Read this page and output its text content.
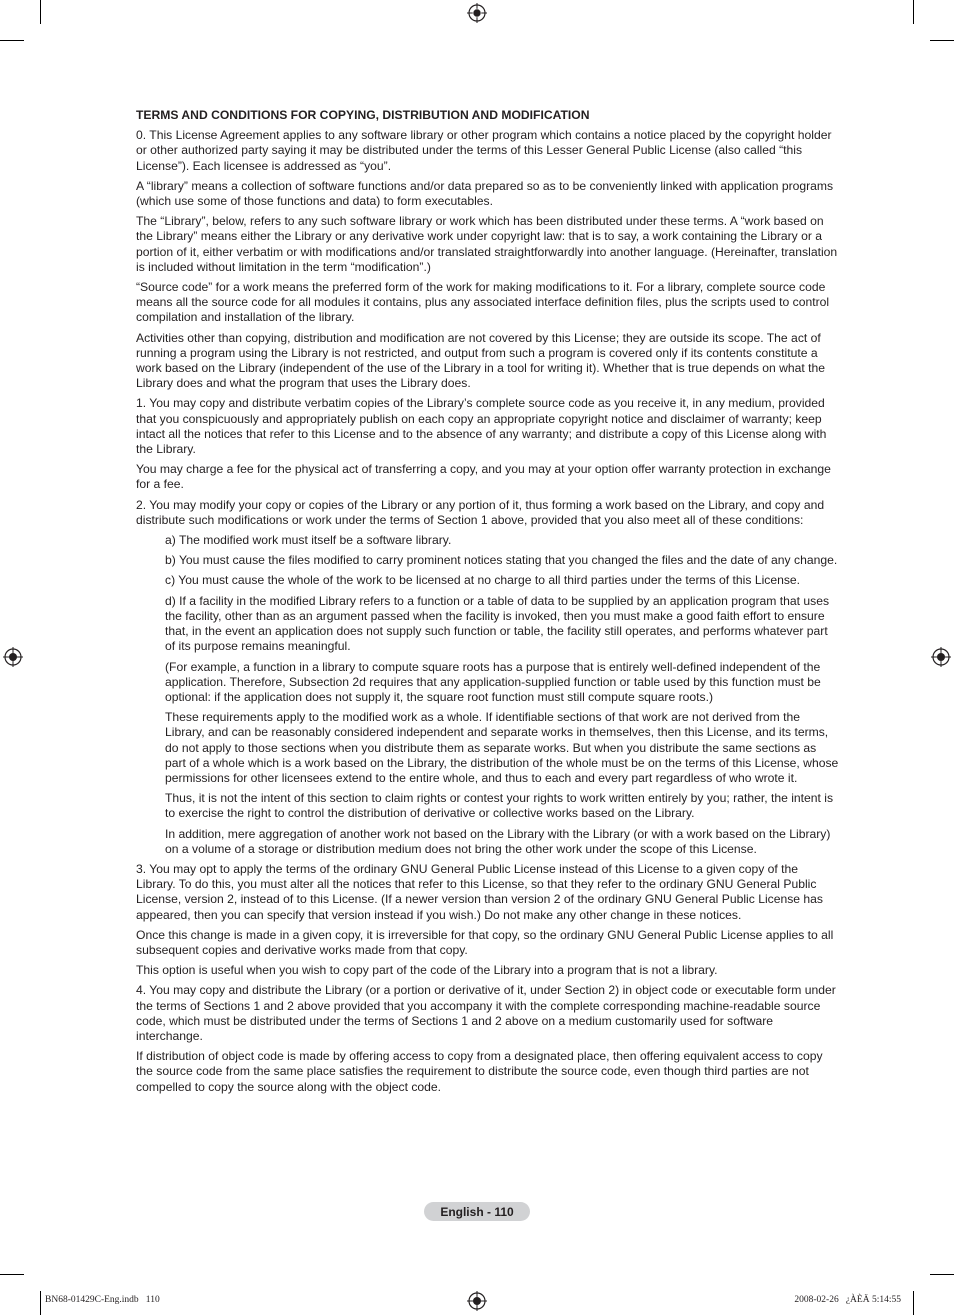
TERMS AND CONDITIONS FOR COPYING, DISTRIBUTION AND MODIFICATION

0. This License Agreement applies to any software library or other program which contains a notice placed by the copyright holder or other authorized party saying it may be distributed under the terms of this Lesser General Public License (also called “this License”). Each licensee is addressed as “you”.

A “library” means a collection of software functions and/or data prepared so as to be conveniently linked with application programs (which use some of those functions and data) to form executables.

The “Library”, below, refers to any such software library or work which has been distributed under these terms. A “work based on the Library” means either the Library or any derivative work under copyright law: that is to say, a work containing the Library or a portion of it, either verbatim or with modifications and/or translated straightforwardly into another language. (Hereinafter, translation is included without limitation in the term “modification”.)

“Source code” for a work means the preferred form of the work for making modifications to it. For a library, complete source code means all the source code for all modules it contains, plus any associated interface definition files, plus the scripts used to control compilation and installation of the library.

Activities other than copying, distribution and modification are not covered by this License; they are outside its scope. The act of running a program using the Library is not restricted, and output from such a program is covered only if its contents constitute a work based on the Library (independent of the use of the Library in a tool for writing it). Whether that is true depends on what the Library does and what the program that uses the Library does.

1. You may copy and distribute verbatim copies of the Library’s complete source code as you receive it, in any medium, provided that you conspicuously and appropriately publish on each copy an appropriate copyright notice and disclaimer of warranty; keep intact all the notices that refer to this License and to the absence of any warranty; and distribute a copy of this License along with the Library.

You may charge a fee for the physical act of transferring a copy, and you may at your option offer warranty protection in exchange for a fee.

2. You may modify your copy or copies of the Library or any portion of it, thus forming a work based on the Library, and copy and distribute such modifications or work under the terms of Section 1 above, provided that you also meet all of these conditions:

a) The modified work must itself be a software library.

b) You must cause the files modified to carry prominent notices stating that you changed the files and the date of any change.

c) You must cause the whole of the work to be licensed at no charge to all third parties under the terms of this License.

d) If a facility in the modified Library refers to a function or a table of data to be supplied by an application program that uses the facility, other than as an argument passed when the facility is invoked, then you must make a good faith effort to ensure that, in the event an application does not supply such function or table, the facility still operates, and performs whatever part of its purpose remains meaningful.

(For example, a function in a library to compute square roots has a purpose that is entirely well-defined independent of the application. Therefore, Subsection 2d requires that any application-supplied function or table used by this function must be optional: if the application does not supply it, the square root function must still compute square roots.)

These requirements apply to the modified work as a whole. If identifiable sections of that work are not derived from the Library, and can be reasonably considered independent and separate works in themselves, then this License, and its terms, do not apply to those sections when you distribute them as separate works. But when you distribute the same sections as part of a whole which is a work based on the Library, the distribution of the whole must be on the terms of this License, whose permissions for other licensees extend to the entire whole, and thus to each and every part regardless of who wrote it.

Thus, it is not the intent of this section to claim rights or contest your rights to work written entirely by you; rather, the intent is to exercise the right to control the distribution of derivative or collective works based on the Library.

In addition, mere aggregation of another work not based on the Library with the Library (or with a work based on the Library) on a volume of a storage or distribution medium does not bring the other work under the scope of this License.

3. You may opt to apply the terms of the ordinary GNU General Public License instead of this License to a given copy of the Library. To do this, you must alter all the notices that refer to this License, so that they refer to the ordinary GNU General Public License, version 2, instead of to this License. (If a newer version than version 2 of the ordinary GNU General Public License has appeared, then you can specify that version instead if you wish.) Do not make any other change in these notices.

Once this change is made in a given copy, it is irreversible for that copy, so the ordinary GNU General Public License applies to all subsequent copies and derivative works made from that copy.

This option is useful when you wish to copy part of the code of the Library into a program that is not a library.

4. You may copy and distribute the Library (or a portion or derivative of it, under Section 2) in object code or executable form under the terms of Sections 1 and 2 above provided that you accompany it with the complete corresponding machine-readable source code, which must be distributed under the terms of Sections 1 and 2 above on a medium customarily used for software interchange.

If distribution of object code is made by offering access to copy from a designated place, then offering equivalent access to copy the source code from the same place satisfies the requirement to distribute the source code, even though third parties are not compelled to copy the source along with the object code.

English - 110
BN68-01429C-Eng.indb   110	2008-02-26   ¿ÀÈÄ 5:14:55
